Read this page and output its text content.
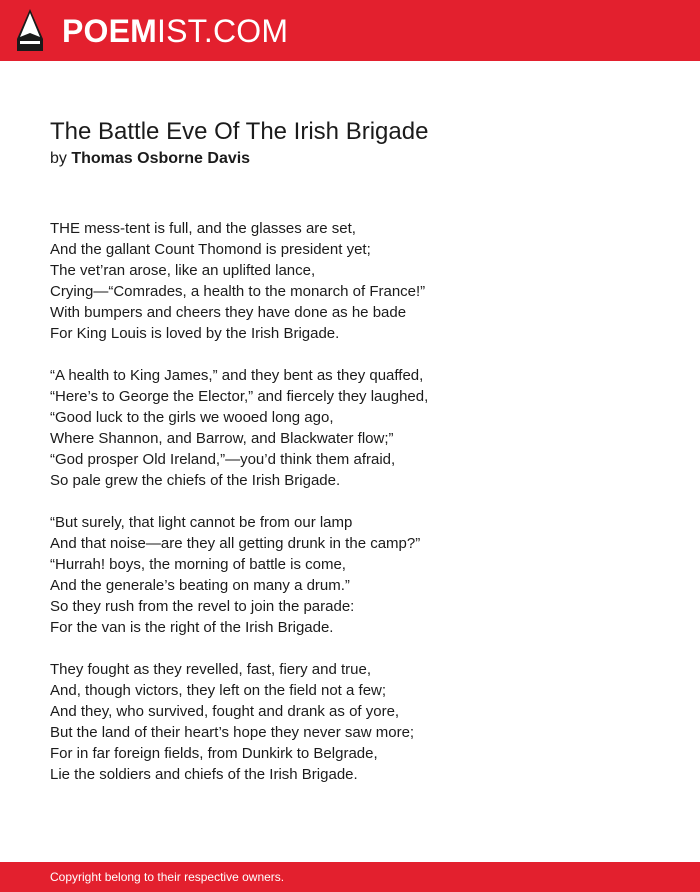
POEMIST.COM
The Battle Eve Of The Irish Brigade
by Thomas Osborne Davis
THE mess-tent is full, and the glasses are set,
And the gallant Count Thomond is president yet;
The vet’ran arose, like an uplifted lance,
Crying—“Comrades, a health to the monarch of France!”
With bumpers and cheers they have done as he bade
For King Louis is loved by the Irish Brigade.
“A health to King James,” and they bent as they quaffed,
“Here’s to George the Elector,” and fiercely they laughed,
“Good luck to the girls we wooed long ago,
Where Shannon, and Barrow, and Blackwater flow;”
“God prosper Old Ireland,”—you’d think them afraid,
So pale grew the chiefs of the Irish Brigade.
“But surely, that light cannot be from our lamp
And that noise—are they all getting drunk in the camp?”
“Hurrah! boys, the morning of battle is come,
And the generale’s beating on many a drum.”
So they rush from the revel to join the parade:
For the van is the right of the Irish Brigade.
They fought as they revelled, fast, fiery and true,
And, though victors, they left on the field not a few;
And they, who survived, fought and drank as of yore,
But the land of their heart’s hope they never saw more;
For in far foreign fields, from Dunkirk to Belgrade,
Lie the soldiers and chiefs of the Irish Brigade.
Copyright belong to their respective owners.
